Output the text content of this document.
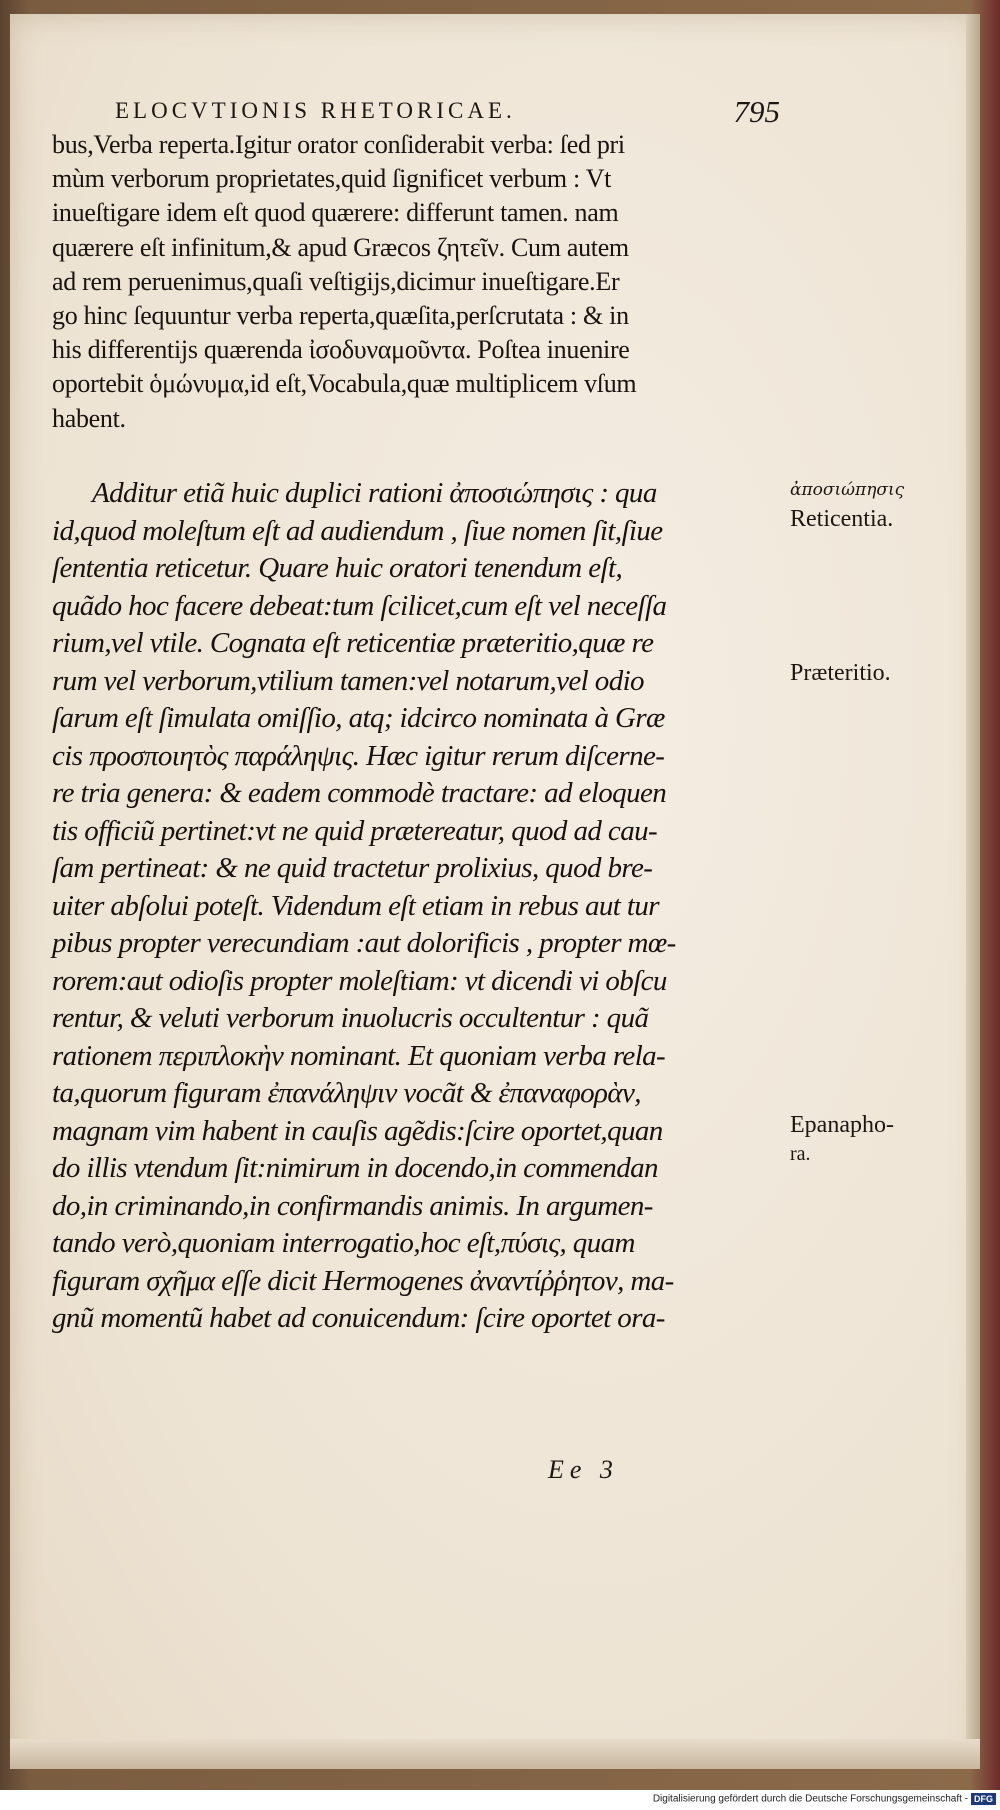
ELOCVTIONIS RHETORICAE.	795
bus,Verba reperta.Igitur orator conſiderabit verba: ſed pri
mùm verborum proprietates,quid ſignificet verbum : Vt
inueſtigare idem eſt quod quærere: differunt tamen. nam
quærere eſt infinitum,& apud Græcos ζητεῖν. Cum autem
ad rem peruenimus,quaſi veſtigijs,dicimur inueſtigare.Er
go hinc ſequuntur verba reperta,quæſita,perſcrutata : & in
his differentijs quærenda ἰσοδυναμοῦντα. Poſtea inuenire
oportebit ὁμώνυμα,id eſt,Vocabula,quæ multiplicem vſum
habent.
Additur etiã huic duplici rationi ἀποσιώπησις : qua
id,quod moleſtum eſt ad audiendum , ſiue nomen ſit,ſiue
ſententia reticetur. Quare huic oratori tenendum eſt,
quãdo hoc facere debeat:tum ſcilicet,cum eſt vel neceſſa
rium,vel vtile. Cognata eſt reticentiæ præteritio,quæ re
rum vel verborum,vtilium tamen:vel notarum,vel odio
ſarum eſt ſimulata omiſſio, atq; idcirco nominata à Græ
cis προσποιητὸς παράληψις. Hæc igitur rerum diſcerne-
re tria genera: & eadem commodè tractare: ad eloquen
tis officiũ pertinet:vt ne quid prætereatur, quod ad cau-
ſam pertineat: & ne quid tractetur prolixius, quod bre-
uiter abſolui poteſt. Videndum eſt etiam in rebus aut tur
pibus propter verecundiam :aut dolorificis , propter mœ-
rorem:aut odioſis propter moleſtiam: vt dicendi vi obſcu
rentur, & veluti verborum inuolucris occultentur : quã
rationem περιπλοκὴν nominant. Et quoniam verba rela-
ta,quorum figuram ἐπανάληψιν vocãt & ἐπαναφορὰν,
magnam vim habent in cauſis agẽdis:ſcire oportet,quan
do illis vtendum ſit:nimirum in docendo,in commendan
do,in criminando,in confirmandis animis. In argumen-
tando verò,quoniam interrogatio,hoc eſt,πύσις, quam
figuram σχῆμα eſſe dicit Hermogenes ἀναντίῤῥητον, ma-
gnũ momentũ habet ad conuicendum: ſcire oportet ora-
ἀποσιώπησις
Reticentia.
Præteritio.
Epanapho-
ra.
Ee 3
Digitalisierung gefördert durch die Deutsche Forschungsgemeinschaft - DFG
